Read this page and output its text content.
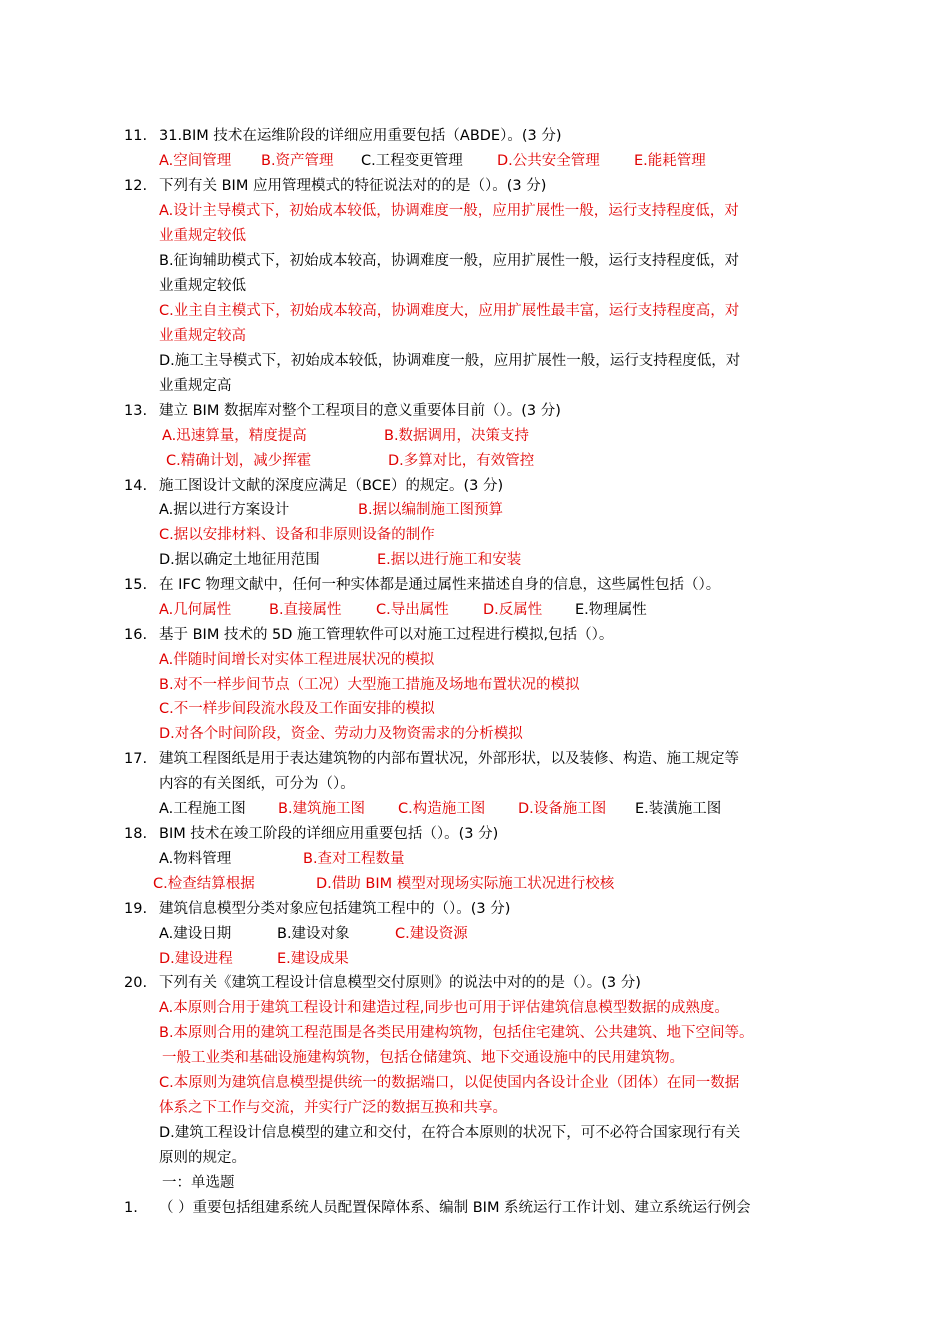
11. 31.BIM 技术在运维阶段的详细应用重要包括（ABDE）。(3 分)
A.空间管理 B.资产管理 C.工程变更管理 D.公共安全管理 E.能耗管理
12. 下列有关 BIM 应用管理模式的特征说法对的的是（）。(3 分)
A.设计主导模式下，初始成本较低，协调难度一般，应用扩展性一般，运行支持程度低，对
业重规定较低
B.征询辅助模式下，初始成本较高，协调难度一般，应用扩展性一般，运行支持程度低，对
业重规定较低
C.业主自主模式下，初始成本较高，协调难度大，应用扩展性最丰富，运行支持程度高，对
业重规定较高
D.施工主导模式下，初始成本较低，协调难度一般，应用扩展性一般，运行支持程度低，对
业重规定高
13. 建立 BIM 数据库对整个工程项目的意义重要体目前（）。(3 分)
A.迅速算量，精度提高	B.数据调用，决策支持
C.精确计划，减少挥霍	D.多算对比，有效管控
14. 施工图设计文献的深度应满足（BCE）的规定。(3 分)
A.据以进行方案设计	B.据以编制施工图预算
C.据以安排材料、设备和非原则设备的制作
D.据以确定土地征用范围	E.据以进行施工和安装
15. 在 IFC 物理文献中，任何一种实体都是通过属性来描述自身的信息，这些属性包括（）。
A.几何属性	B.直接属性 C.导出属性 D.反属性 E.物理属性
16. 基于 BIM 技术的 5D 施工管理软件可以对施工过程进行模拟,包括（）。
A.伴随时间增长对实体工程进展状况的模拟
B.对不一样步间节点（工况）大型施工措施及场地布置状况的模拟
C.不一样步间段流水段及工作面安排的模拟
D.对各个时间阶段，资金、劳动力及物资需求的分析模拟
17. 建筑工程图纸是用于表达建筑物的内部布置状况，外部形状，以及装修、构造、施工规定等
内容的有关图纸，可分为（）。
A.工程施工图 B.建筑施工图 C.构造施工图 D.设备施工图 E.装潢施工图
18. BIM 技术在竣工阶段的详细应用重要包括（）。(3 分)
A.物料管理	B.查对工程数量
C.检查结算根据	D.借助 BIM 模型对现场实际施工状况进行校核
19. 建筑信息模型分类对象应包括建筑工程中的（）。(3 分)
A.建设日期	B.建设对象	C.建设资源
D.建设进程	E.建设成果
20. 下列有关《建筑工程设计信息模型交付原则》的说法中对的的是（）。(3 分)
A.本原则合用于建筑工程设计和建造过程,同步也可用于评估建筑信息模型数据的成熟度。
B.本原则合用的建筑工程范围是各类民用建构筑物，包括住宅建筑、公共建筑、地下空间等。
一般工业类和基础设施建构筑物，包括仓储建筑、地下交通设施中的民用建筑物。
C.本原则为建筑信息模型提供统一的数据端口，以促使国内各设计企业（团体）在同一数据
体系之下工作与交流，并实行广泛的数据互换和共享。
D.建筑工程设计信息模型的建立和交付，在符合本原则的状况下，可不必符合国家现行有关
原则的规定。
一：单选题
1. （ ）重要包括组建系统人员配置保障体系、编制 BIM 系统运行工作计划、建立系统运行例会
